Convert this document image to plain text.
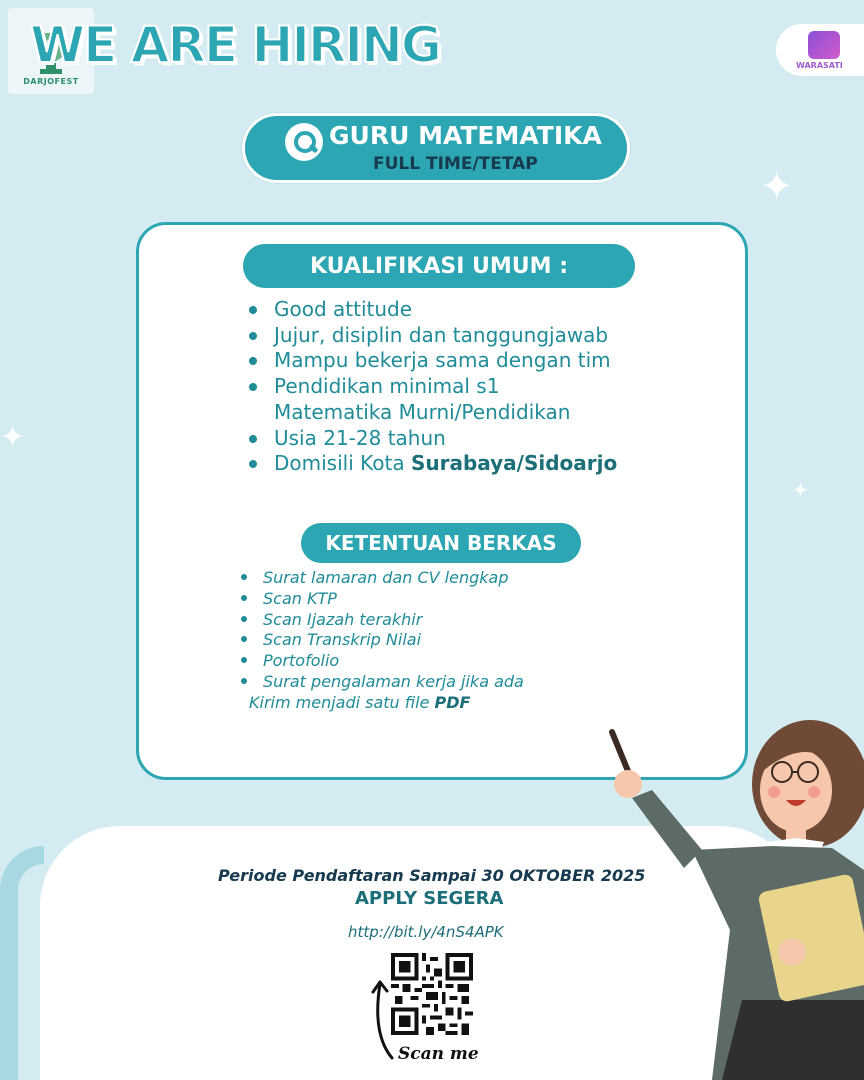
✦
✦
✦
DARJOFEST
WE ARE HIRING	WARASATI
GURU MATEMATIKA
FULL TIME/TETAP
KUALIFIKASI UMUM :
Good attitude
Jujur, disiplin dan tanggungjawab
Mampu bekerja sama dengan tim
Pendidikan minimal s1
Matematika Murni/Pendidikan
Usia 21-28 tahun
Domisili Kota Surabaya/Sidoarjo
KETENTUAN BERKAS
Surat lamaran dan CV lengkap
Scan KTP
Scan Ijazah terakhir
Scan Transkrip Nilai
Portofolio
Surat pengalaman kerja jika ada
Kirim menjadi satu file PDF
Periode Pendaftaran Sampai 30 OKTOBER 2025
APPLY SEGERA
http://bit.ly/4nS4APK
Scan me
